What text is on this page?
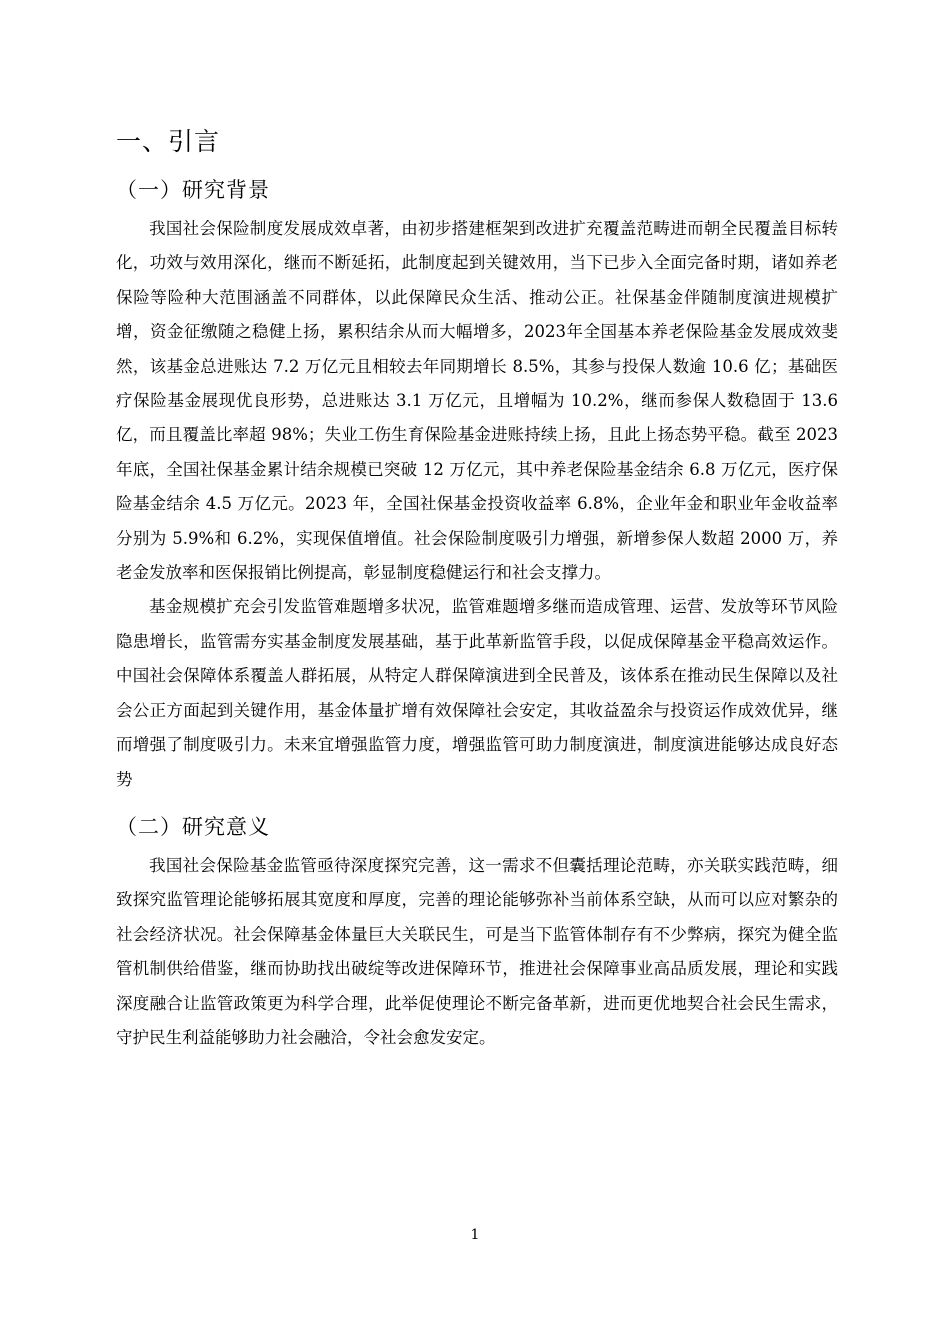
一、引言
（一）研究背景

我国社会保险制度发展成效卓著，由初步搭建框架到改进扩充覆盖范畴进而朝全民覆盖目标转化，功效与效用深化，继而不断延拓，此制度起到关键效用，当下已步入全面完备时期，诸如养老保险等险种大范围涵盖不同群体，以此保障民众生活、推动公正。社保基金伴随制度演进规模扩增，资金征缴随之稳健上扬，累积结余从而大幅增多，2023年全国基本养老保险基金发展成效斐然，该基金总进账达 7.2 万亿元且相较去年同期增长 8.5%，其参与投保人数逾 10.6 亿；基础医疗保险基金展现优良形势，总进账达 3.1 万亿元，且增幅为 10.2%，继而参保人数稳固于 13.6 亿，而且覆盖比率超 98%；失业工伤生育保险基金进账持续上扬，且此上扬态势平稳。截至 2023 年底，全国社保基金累计结余规模已突破 12 万亿元，其中养老保险基金结余 6.8 万亿元，医疗保险基金结余 4.5 万亿元。2023 年，全国社保基金投资收益率 6.8%，企业年金和职业年金收益率分别为 5.9%和 6.2%，实现保值增值。社会保险制度吸引力增强，新增参保人数超 2000 万，养老金发放率和医保报销比例提高，彰显制度稳健运行和社会支撑力。

基金规模扩充会引发监管难题增多状况，监管难题增多继而造成管理、运营、发放等环节风险隐患增长，监管需夯实基金制度发展基础，基于此革新监管手段，以促成保障基金平稳高效运作。中国社会保障体系覆盖人群拓展，从特定人群保障演进到全民普及，该体系在推动民生保障以及社会公正方面起到关键作用，基金体量扩增有效保障社会安定，其收益盈余与投资运作成效优异，继而增强了制度吸引力。未来宜增强监管力度，增强监管可助力制度演进，制度演进能够达成良好态势

（二）研究意义

我国社会保险基金监管亟待深度探究完善，这一需求不但囊括理论范畴，亦关联实践范畴，细致探究监管理论能够拓展其宽度和厚度，完善的理论能够弥补当前体系空缺，从而可以应对繁杂的社会经济状况。社会保障基金体量巨大关联民生，可是当下监管体制存有不少弊病，探究为健全监管机制供给借鉴，继而协助找出破绽等改进保障环节，推进社会保障事业高品质发展，理论和实践深度融合让监管政策更为科学合理，此举促使理论不断完备革新，进而更优地契合社会民生需求，守护民生利益能够助力社会融洽，令社会愈发安定。

1
